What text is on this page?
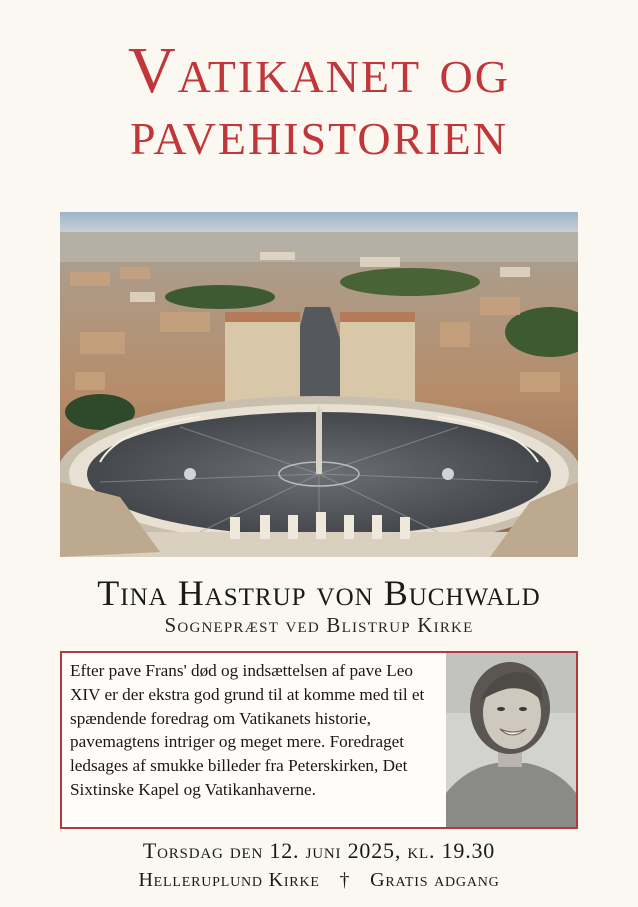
Vatikanet og
pavehistorien
Tina Hastrup von Buchwald
Sognepræst ved Blistrup Kirke
Efter pave Frans' død og indsættelsen af pave Leo XIV er der ekstra god grund til at komme med til et spændende foredrag om Vatikanets historie, pavemagtens intriger og meget mere. Foredraget ledsages af smukke billeder fra Peterskirken, Det Sixtinske Kapel og Vatikanhaverne.
Torsdag den 12. juni 2025, kl. 19.30
Helleruplund Kirke † Gratis adgang
